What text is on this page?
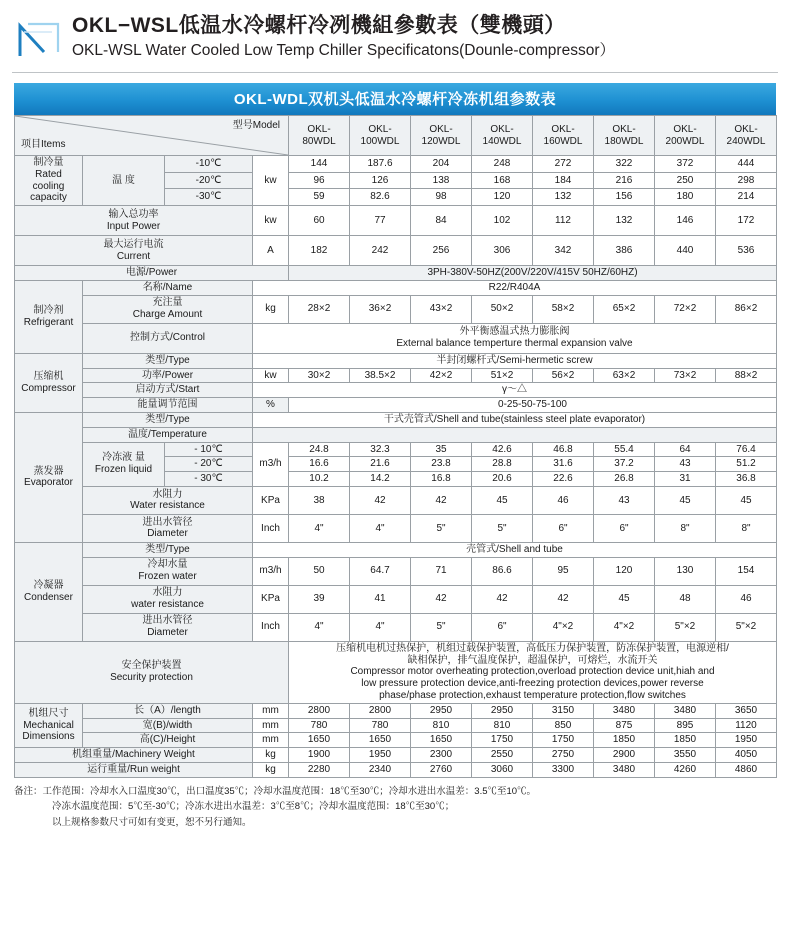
OKL−WSL低温水冷螺杆冷冽機組參數表（雙機頭）
OKL-WSL Water Cooled Low Temp Chiller Specificatons(Dounle-compressor）
OKL-WDL双机头低温水冷螺杆冷冻机组参数表
项目Items
型号Model				OKL-
80WDL	OKL-
100WDL	OKL-
120WDL	OKL-
140WDL	OKL-
160WDL	OKL-
180WDL	OKL-
200WDL	OKL-
240WDL
制冷量
Rated
cooling
capacity	温 度	-10℃	kw	144	187.6	204	248	272	322	372	444
		-20℃		96	126	138	168	184	216	250	298
		-30℃		59	82.6	98	120	132	156	180	214
输入总功率
Input Power			kw	60	77	84	102	112	132	146	172
最大运行电流
Current			A	182	242	256	306	342	386	440	536
电源/Power				3PH-380V-50HZ(200V/220V/415V 50HZ/60HZ)							
制冷剂
Refrigerant	名称/Name		R22/R404A								
	充注量
Charge Amount		kg	28×2	36×2	43×2	50×2	58×2	65×2	72×2	86×2
	控制方式/Control		外平衡感温式热力膨胀阀
External balance temperture thermal expansion valve								
压缩机
Compressor	类型/Type		半封闭螺杆式/Semi-hermetic screw								
	功率/Power		kw	30×2	38.5×2	42×2	51×2	56×2	63×2	73×2	88×2
	启动方式/Start		γ～△								
	能量调节范围		%	0-25-50-75-100							
蒸发器
Evaporator	类型/Type		干式壳管式/Shell and tube(stainless steel plate evaporator)								
	温度/Temperature										
	冷冻液 量
Frozen liquid	- 10℃	m3/h	24.8	32.3	35	42.6	46.8	55.4	64	76.4
		- 20℃		16.6	21.6	23.8	28.8	31.6	37.2	43	51.2
		- 30℃		10.2	14.2	16.8	20.6	22.6	26.8	31	36.8
	水阻力
Water resistance		KPa	38	42	42	45	46	43	45	45
	进出水管径
Diameter		Inch	4"	4"	5"	5"	6"	6"	8"	8"
冷凝器
Condenser	类型/Type		壳管式/Shell and tube								
	冷却水量
Frozen water		m3/h	50	64.7	71	86.6	95	120	130	154
	水阻力
water resistance		KPa	39	41	42	42	42	45	48	46
	进出水管径
Diameter		Inch	4"	4"	5"	6"	4"×2	4"×2	5"×2	5"×2
安全保护装置
Security protection				压缩机电机过热保护，机组过载保护装置，高低压力保护装置，防冻保护装置，电源逆相/
缺相保护，排气温度保护，超温保护，可熔烂，水流开关
Compressor motor overheating protection,overload protection device unit,hiah and
low pressure protection device,anti-freezing protection devices,power reverse
phase/phase protection,exhaust temperature protection,flow switches							
机组尺寸
Mechanical
Dimensions	长（A）/length		mm	2800	2800	2950	2950	3150	3480	3480	3650
	宽(B)/width		mm	780	780	810	810	850	875	895	1120
	高(C)/Height		mm	1650	1650	1650	1750	1750	1850	1850	1950
机组重量/Machinery Weight			kg	1900	1950	2300	2550	2750	2900	3550	4050
运行重量/Run weight			kg	2280	2340	2760	3060	3300	3480	4260	4860
备注：工作范围：冷却水入口温度30℃，出口温度35℃；冷却水温度范围：18℃至30℃；冷却水进出水温差：3.5℃至10℃。
冷冻水温度范围：5℃至-30℃；冷冻水进出水温差：3℃至8℃；冷却水温度范围：18℃至30℃；
以上规格参数尺寸可如有变更，恕不另行通知。
